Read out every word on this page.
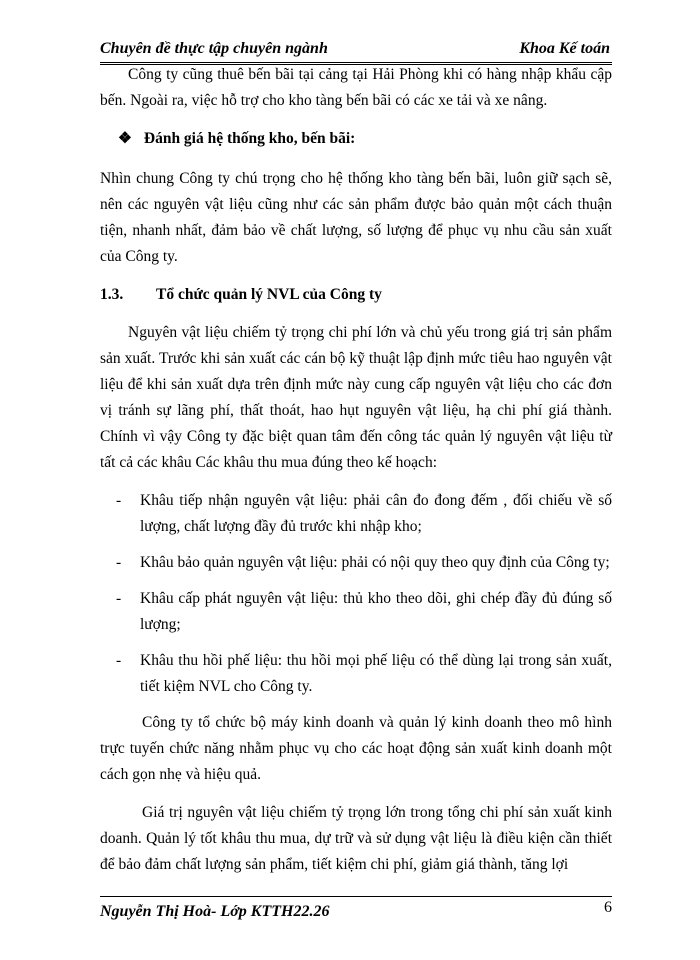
Chuyên đề thực tập chuyên ngành	Khoa Kế toán

Công ty cũng thuê bến bãi tại cảng tại Hải Phòng khi có hàng nhập khẩu cập bến. Ngoài ra, việc hỗ trợ cho kho tàng bến bãi có các xe tải và xe nâng.

❖ Đánh giá hệ thống kho, bến bãi:

Nhìn chung Công ty chú trọng cho hệ thống kho tàng bến bãi, luôn giữ sạch sẽ, nên các nguyên vật liệu cũng như các sản phẩm được bảo quản một cách thuận tiện, nhanh nhất, đảm bảo về chất lượng, số lượng để phục vụ nhu cầu sản xuất của Công ty.

1.3.	Tổ chức quản lý NVL của Công ty

Nguyên vật liệu chiếm tỷ trọng chi phí lớn và chủ yếu trong giá trị sản phẩm sản xuất. Trước khi sản xuất các cán bộ kỹ thuật lập định mức tiêu hao nguyên vật liệu để khi sản xuất dựa trên định mức này cung cấp nguyên vật liệu cho các đơn vị tránh sự lãng phí, thất thoát, hao hụt nguyên vật liệu, hạ chi phí giá thành. Chính vì vậy Công ty đặc biệt quan tâm đến công tác quản lý nguyên vật liệu từ tất cả các khâu Các khâu thu mua đúng theo kế hoạch:

- Khâu tiếp nhận nguyên vật liệu: phải cân đo đong đếm , đối chiếu về số lượng, chất lượng đầy đủ trước khi nhập kho;
- Khâu bảo quản nguyên vật liệu: phải có nội quy theo quy định của Công ty;
- Khâu cấp phát nguyên vật liệu: thủ kho theo dõi, ghi chép đầy đủ đúng số lượng;
- Khâu thu hồi phế liệu: thu hồi mọi phế liệu có thể dùng lại trong sản xuất, tiết kiệm NVL cho Công ty.

Công ty tổ chức bộ máy kinh doanh và quản lý kinh doanh theo mô hình trực tuyến chức năng nhằm phục vụ cho các hoạt động sản xuất kinh doanh một cách gọn nhẹ và hiệu quả.

Giá trị nguyên vật liệu chiếm tỷ trọng lớn trong tổng chi phí sản xuất kinh doanh. Quản lý tốt khâu thu mua, dự trữ và sử dụng vật liệu là điều kiện cần thiết để bảo đảm chất lượng sản phẩm, tiết kiệm chi phí, giảm giá thành, tăng lợi

Nguyễn Thị Hoà- Lớp KTTH22.26	6
